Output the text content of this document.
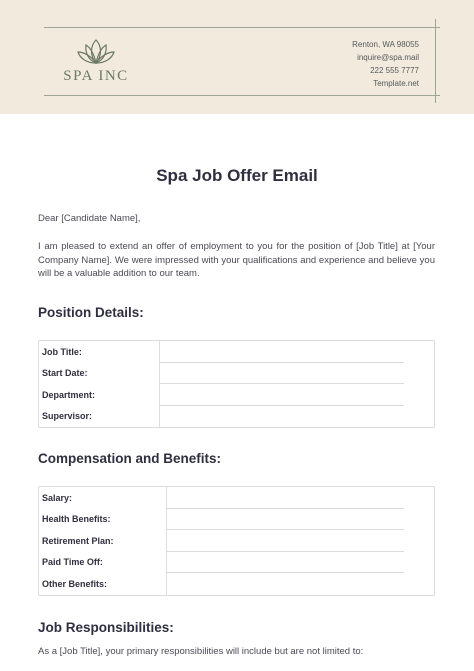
SPA INC
Renton, WA 98055
inquire@spa.mail
222 555 7777
Template.net
Spa Job Offer Email

Dear [Candidate Name],

I am pleased to extend an offer of employment to you for the position of [Job Title] at [Your Company Name]. We were impressed with your qualifications and experience and believe you will be a valuable addition to our team.

Position Details:
Job Title:
Start Date:
Department:
Supervisor:
Compensation and Benefits:
Salary:
Health Benefits:
Retirement Plan:
Paid Time Off:
Other Benefits:
Job Responsibilities:

As a [Job Title], your primary responsibilities will include but are not limited to:
